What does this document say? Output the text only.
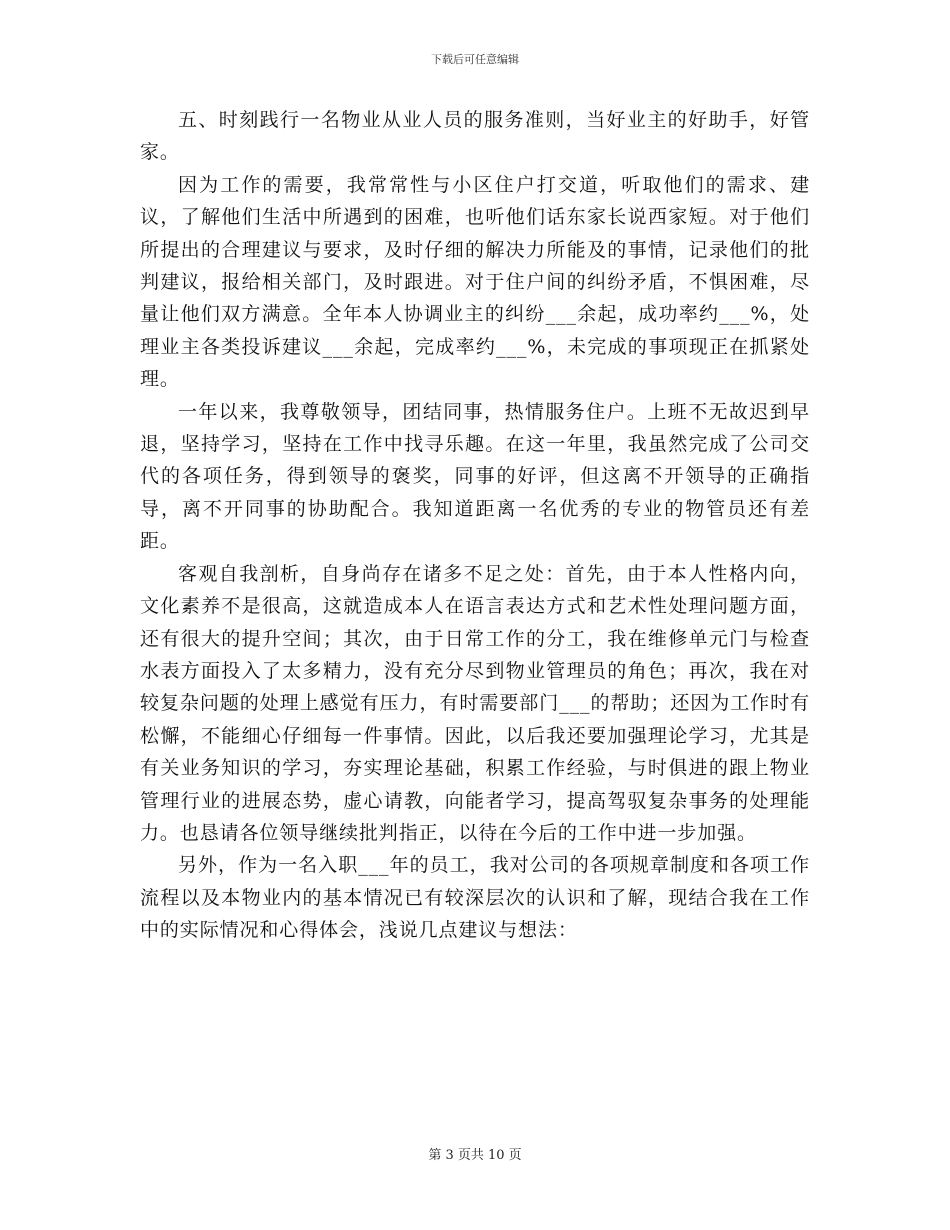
下载后可任意编辑

五、时刻践行一名物业从业人员的服务准则，当好业主的好助手，好管家。

因为工作的需要，我常常性与小区住户打交道，听取他们的需求、建议，了解他们生活中所遇到的困难，也听他们话东家长说西家短。对于他们所提出的合理建议与要求，及时仔细的解决力所能及的事情，记录他们的批判建议，报给相关部门，及时跟进。对于住户间的纠纷矛盾，不惧困难，尽量让他们双方满意。全年本人协调业主的纠纷___余起，成功率约___%，处理业主各类投诉建议___余起，完成率约___%，未完成的事项现正在抓紧处理。

一年以来，我尊敬领导，团结同事，热情服务住户。上班不无故迟到早退，坚持学习，坚持在工作中找寻乐趣。在这一年里，我虽然完成了公司交代的各项任务，得到领导的褒奖，同事的好评，但这离不开领导的正确指导，离不开同事的协助配合。我知道距离一名优秀的专业的物管员还有差距。

客观自我剖析，自身尚存在诸多不足之处：首先，由于本人性格内向，文化素养不是很高，这就造成本人在语言表达方式和艺术性处理问题方面，还有很大的提升空间；其次，由于日常工作的分工，我在维修单元门与检查水表方面投入了太多精力，没有充分尽到物业管理员的角色；再次，我在对较复杂问题的处理上感觉有压力，有时需要部门___的帮助；还因为工作时有松懈，不能细心仔细每一件事情。因此，以后我还要加强理论学习，尤其是有关业务知识的学习，夯实理论基础，积累工作经验，与时俱进的跟上物业管理行业的进展态势，虚心请教，向能者学习，提高驾驭复杂事务的处理能力。也恳请各位领导继续批判指正，以待在今后的工作中进一步加强。

另外，作为一名入职___年的员工，我对公司的各项规章制度和各项工作流程以及本物业内的基本情况已有较深层次的认识和了解，现结合我在工作中的实际情况和心得体会，浅说几点建议与想法：

第 3 页共 10 页
